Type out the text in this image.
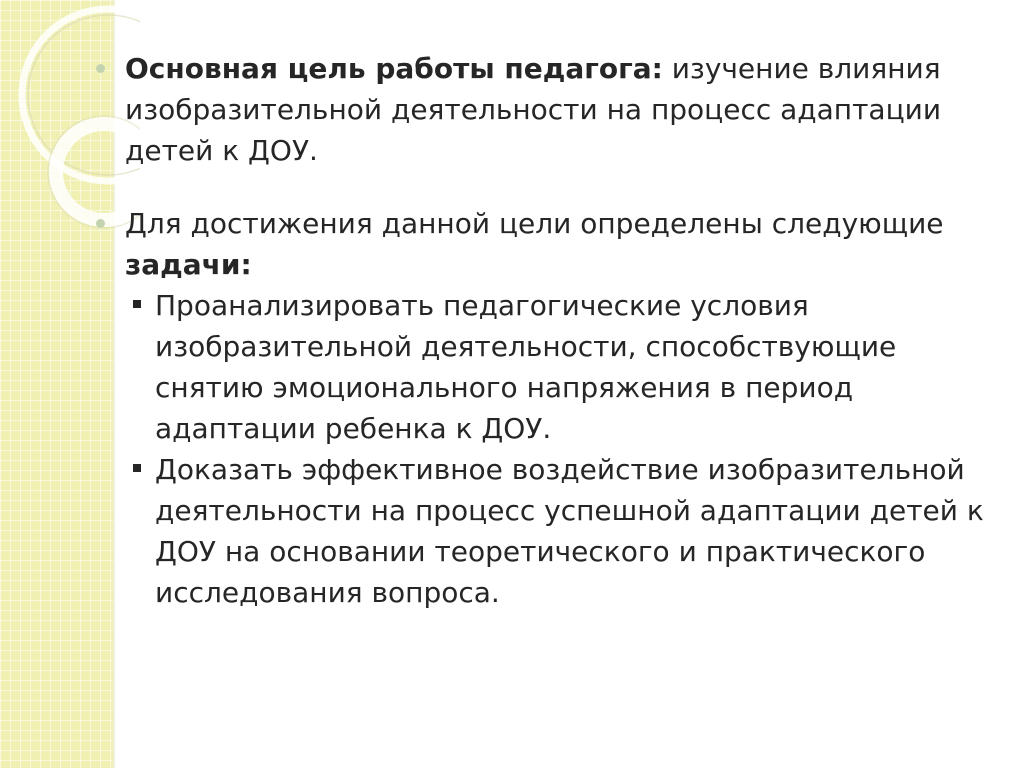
Основная цель работы педагога: изучение влияния изобразительной деятельности на процесс адаптации детей к ДОУ.
Для достижения данной цели определены следующие задачи:
Проанализировать педагогические условия изобразительной деятельности, способствующие снятию эмоционального напряжения в период адаптации ребенка к ДОУ.
Доказать эффективное воздействие изобразительной деятельности на процесс успешной адаптации детей к ДОУ на основании теоретического и практического исследования вопроса.
